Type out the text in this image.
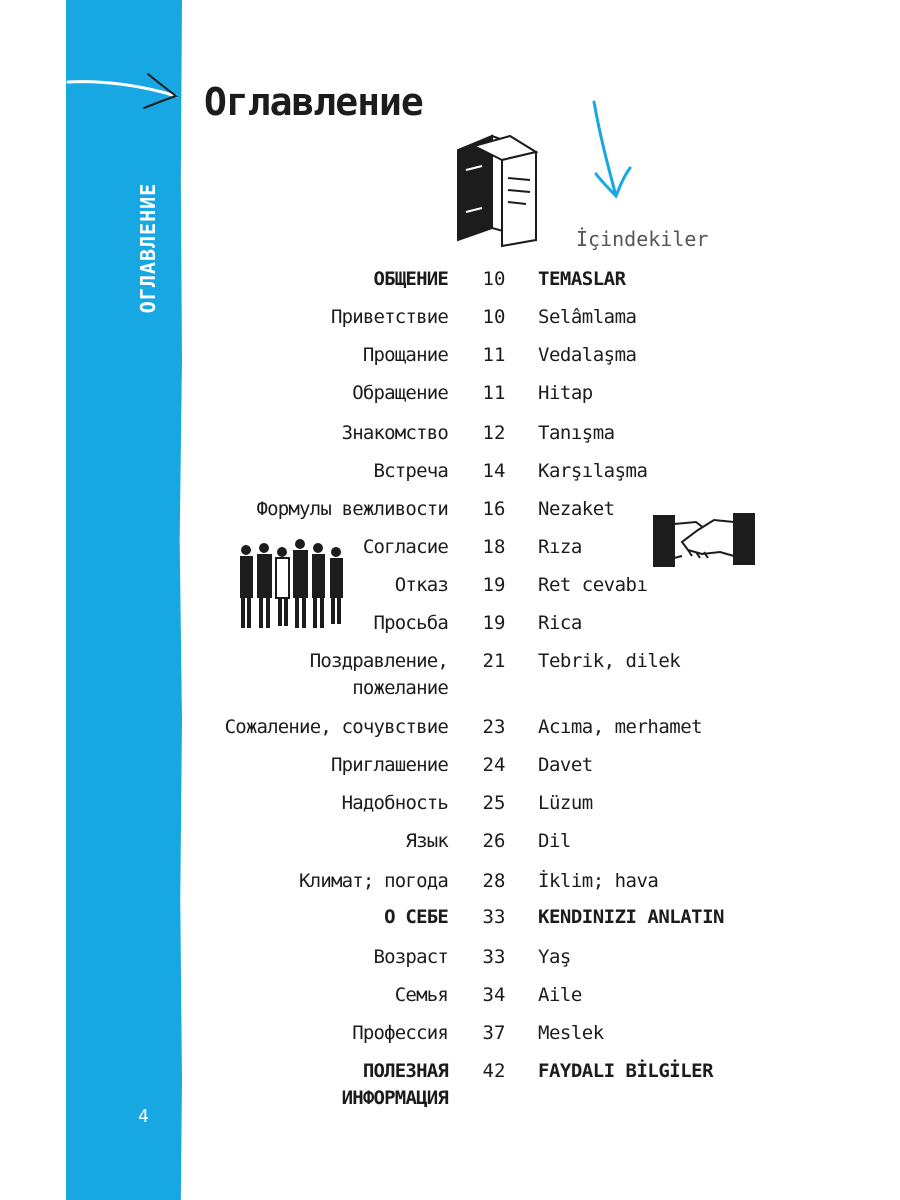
ОГЛАВЛЕНИЕ
4
Оглавление
İçindekiler
ОБЩЕНИЕ	10	TEMASLAR
Приветствие	10	Selâmlama
Прощание	11	Vedalaşma
Обращение	11	Hitap
Знакомство	12	Tanışma
Встреча	14	Karşılaşma
Формулы вежливости	16	Nezaket
Согласие	18	Rıza
Отказ	19	Ret cevabı
Просьба	19	Rica
Поздравление,	21	Tebrik, dilek
пожелание
Сожаление, сочувствие	23	Acıma, merhamet
Приглашение	24	Davet
Надобность	25	Lüzum
Язык	26	Dil
Климат; погода	28	İklim; hava
О СЕБЕ	33	KENDINIZI ANLATIN
Возраст	33	Yaş
Семья	34	Aile
Профессия	37	Meslek
ПОЛЕЗНАЯ	42	FAYDALI BİLGİLER
ИНФОРМАЦИЯ
